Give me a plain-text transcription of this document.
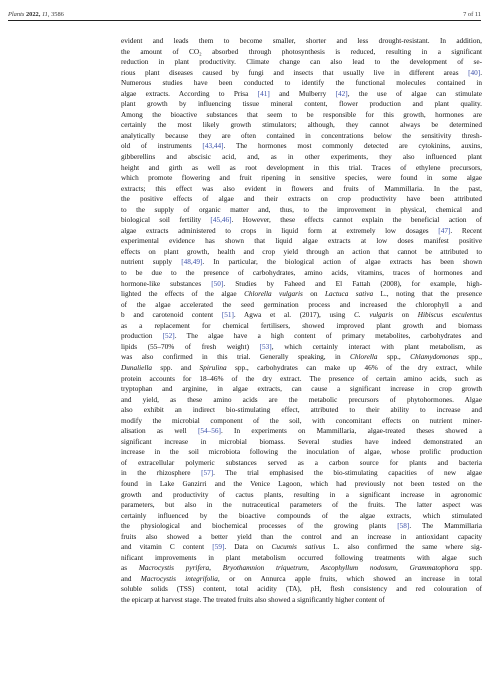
Plants 2022, 11, 3586	7 of 11
evident and leads them to become smaller, shorter and less drought-resistant. In addition,
the amount of CO₂ absorbed through photosynthesis is reduced, resulting in a significant
reduction in plant productivity. Climate change can also lead to the development of se-
rious plant diseases caused by fungi and insects that usually live in different areas [40].
Numerous studies have been conducted to identify the functional molecules contained in
algae extracts. According to Prisa [41] and Mulberry [42], the use of algae can stimulate
plant growth by influencing tissue mineral content, flower production and plant quality.
Among the bioactive substances that seem to be responsible for this growth, hormones are
certainly the most likely growth stimulators; although, they cannot always be determined
analytically because they are often contained in concentrations below the sensitivity thresh-
old of instruments [43,44]. The hormones most commonly detected are cytokinins, auxins,
gibberellins and abscisic acid, and, as in other experiments, they also influenced plant
height and girth as well as root development in this trial. Traces of ethylene precursors,
which promote flowering and fruit ripening in sensitive species, were found in some algae
extracts; this effect was also evident in flowers and fruits of Mammillaria. In the past,
the positive effects of algae and their extracts on crop productivity have been attributed
to the supply of organic matter and, thus, to the improvement in physical, chemical and
biological soil fertility [45,46]. However, these effects cannot explain the beneficial action of
algae extracts administered to crops in liquid form at extremely low dosages [47]. Recent
experimental evidence has shown that liquid algae extracts at low doses manifest positive
effects on plant growth, health and crop yield through an action that cannot be attributed to
nutrient supply [48,49]. In particular, the biological action of algae extracts has been shown
to be due to the presence of carbohydrates, amino acids, vitamins, traces of hormones and
hormone-like substances [50]. Studies by Faheed and El Fattah (2008), for example, high-
lighted the effects of the algae Chlorella vulgaris on Lactuca sativa L., noting that the presence
of the algae accelerated the seed germination process and increased the chlorophyll a and
b and carotenoid content [51]. Agwa et al. (2017), using C. vulgaris on Hibiscus esculentus
as a replacement for chemical fertilisers, showed improved plant growth and biomass
production [52]. The algae have a high content of primary metabolites, carbohydrates and
lipids (55–70% of fresh weight) [53], which certainly interact with plant metabolism, as
was also confirmed in this trial. Generally speaking, in Chlorella spp., Chlamydomonas spp.,
Dunaliella spp. and Spirulina spp., carbohydrates can make up 46% of the dry extract, while
protein accounts for 18–46% of the dry extract. The presence of certain amino acids, such as
tryptophan and arginine, in algae extracts, can cause a significant increase in crop growth
and yield, as these amino acids are the metabolic precursors of phytohormones. Algae
also exhibit an indirect bio-stimulating effect, attributed to their ability to increase and
modify the microbial component of the soil, with concomitant effects on nutrient miner-
alisation as well [54–56]. In experiments on Mammillaria, algae-treated theses showed a
significant increase in microbial biomass. Several studies have indeed demonstrated an
increase in the soil microbiota following the inoculation of algae, whose prolific production
of extracellular polymeric substances served as a carbon source for plants and bacteria
in the rhizosphere [57]. The trial emphasised the bio-stimulating capacities of new algae
found in Lake Ganzirri and the Venice Lagoon, which had previously not been tested on the
growth and productivity of cactus plants, resulting in a significant increase in agronomic
parameters, but also in the nutraceutical parameters of the fruits. The latter aspect was
certainly influenced by the bioactive compounds of the algae extracts, which stimulated
the physiological and biochemical processes of the growing plants [58]. The Mammillaria
fruits also showed a better yield than the control and an increase in antioxidant capacity
and vitamin C content [59]. Data on Cucumis sativus L. also confirmed the same where sig-
nificant improvements in plant metabolism occurred following treatments with algae such
as Macrocystis pyrifera, Bryothamnion triquetrum, Ascophyllum nodosum, Grammatophora spp.
and Macrocystis integrifolia, or on Annurca apple fruits, which showed an increase in total
soluble solids (TSS) content, total acidity (TA), pH, flesh consistency and red colouration of
the epicarp at harvest stage. The treated fruits also showed a significantly higher content of
